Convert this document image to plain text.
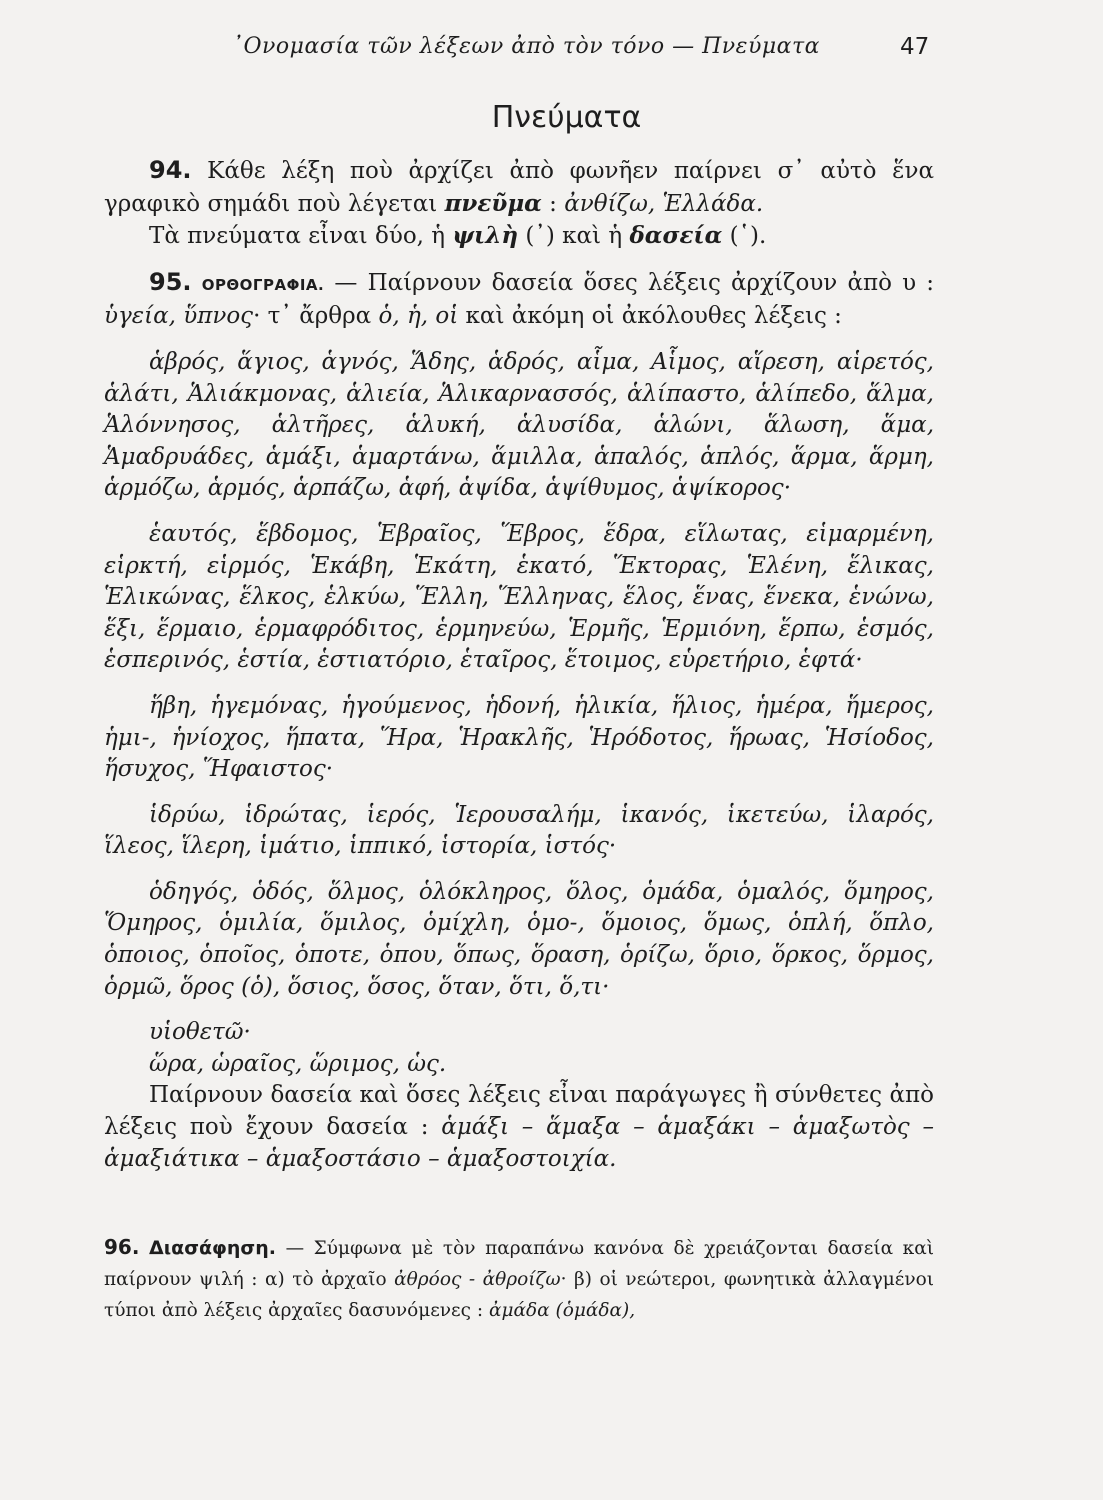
᾿Ονομασία τῶν λέξεων ἀπὸ τὸν τόνο — Πνεύματα	47
Πνεύματα

94. Κάθε λέξη ποὺ ἀρχίζει ἀπὸ φωνῆεν παίρνει σ᾿ αὐτὸ ἕνα γραφικὸ σημάδι ποὺ λέγεται πνεῦμα : ἀνθίζω, Ἑλλάδα.

Τὰ πνεύματα εἶναι δύο, ἡ ψιλὴ (᾿) καὶ ἡ δασεία (῾).

95. ΟΡΘΟΓΡΑΦΙΑ. — Παίρνουν δασεία ὅσες λέξεις ἀρχίζουν ἀπὸ υ : ὑγεία, ὕπνος· τ᾿ ἄρθρα ὁ, ἡ, οἱ καὶ ἀκόμη οἱ ἀκόλουθες λέξεις :

ἁβρός, ἅγιος, ἁγνός, Ἅδης, ἁδρός, αἷμα, Αἷμος, αἵρεση, αἱρετός, ἁλάτι, Ἁλιάκμονας, ἁλιεία, Ἁλικαρνασσός, ἁλίπαστο, ἁλίπεδο, ἅλμα, Ἁλόννησος, ἁλτῆρες, ἁλυκή, ἁλυσίδα, ἁλώνι, ἅλωση, ἅμα, Ἁμαδρυάδες, ἁμάξι, ἁμαρτάνω, ἅμιλλα, ἁπαλός, ἁπλός, ἅρμα, ἅρμη, ἁρμόζω, ἁρμός, ἁρπάζω, ἁφή, ἁψίδα, ἁψίθυμος, ἁψίκορος·

ἑαυτός, ἕβδομος, Ἑβραῖος, Ἕβρος, ἕδρα, εἵλωτας, εἱμαρμένη, εἱρκτή, εἱρμός, Ἑκάβη, Ἑκάτη, ἑκατό, Ἕκτορας, Ἑλένη, ἕλικας, Ἑλικώνας, ἕλκος, ἑλκύω, Ἕλλη, Ἕλληνας, ἕλος, ἕνας, ἕνεκα, ἑνώνω, ἕξι, ἕρμαιο, ἑρμαφρόδιτος, ἑρμηνεύω, Ἑρμῆς, Ἑρμιόνη, ἕρπω, ἑσμός, ἑσπερινός, ἑστία, ἑστιατόριο, ἑταῖρος, ἕτοιμος, εὑρετήριο, ἑφτά·

ἥβη, ἡγεμόνας, ἡγούμενος, ἡδονή, ἡλικία, ἥλιος, ἡμέρα, ἥμερος, ἡμι-, ἡνίοχος, ἥπατα, Ἥρα, Ἡρακλῆς, Ἡρόδοτος, ἥρωας, Ἡσίοδος, ἥσυχος, Ἥφαιστος·

ἱδρύω, ἱδρώτας, ἱερός, Ἱερουσαλήμ, ἱκανός, ἱκετεύω, ἱλαρός, ἵλεος, ἵλερη, ἱμάτιο, ἱππικό, ἱστορία, ἱστός·

ὁδηγός, ὁδός, ὅλμος, ὁλόκληρος, ὅλος, ὁμάδα, ὁμαλός, ὅμηρος, Ὅμηρος, ὁμιλία, ὅμιλος, ὁμίχλη, ὁμο-, ὅμοιος, ὅμως, ὁπλή, ὅπλο, ὁποιος, ὁποῖος, ὁποτε, ὁπου, ὅπως, ὅραση, ὁρίζω, ὅριο, ὅρκος, ὅρμος, ὁρμῶ, ὅρος (ὁ), ὅσιος, ὅσος, ὅταν, ὅτι, ὅ,τι·

υἱοθετῶ·

ὥρα, ὡραῖος, ὥριμος, ὡς.

Παίρνουν δασεία καὶ ὅσες λέξεις εἶναι παράγωγες ἢ σύνθετες ἀπὸ λέξεις ποὺ ἔχουν δασεία : ἁμάξι – ἅμαξα – ἁμαξάκι – ἁμαξωτὸς – ἁμαξιάτικα – ἁμαξοστάσιο – ἁμαξοστοιχία.

96. Διασάφηση. — Σύμφωνα μὲ τὸν παραπάνω κανόνα δὲ χρειάζονται δασεία καὶ παίρνουν ψιλή : α) τὸ ἀρχαῖο ἀθρόος - ἀθροίζω· β) οἱ νεώτεροι, φωνητικὰ ἀλλαγμένοι τύποι ἀπὸ λέξεις ἀρχαῖες δασυνόμενες : ἀμάδα (ὁμάδα),
